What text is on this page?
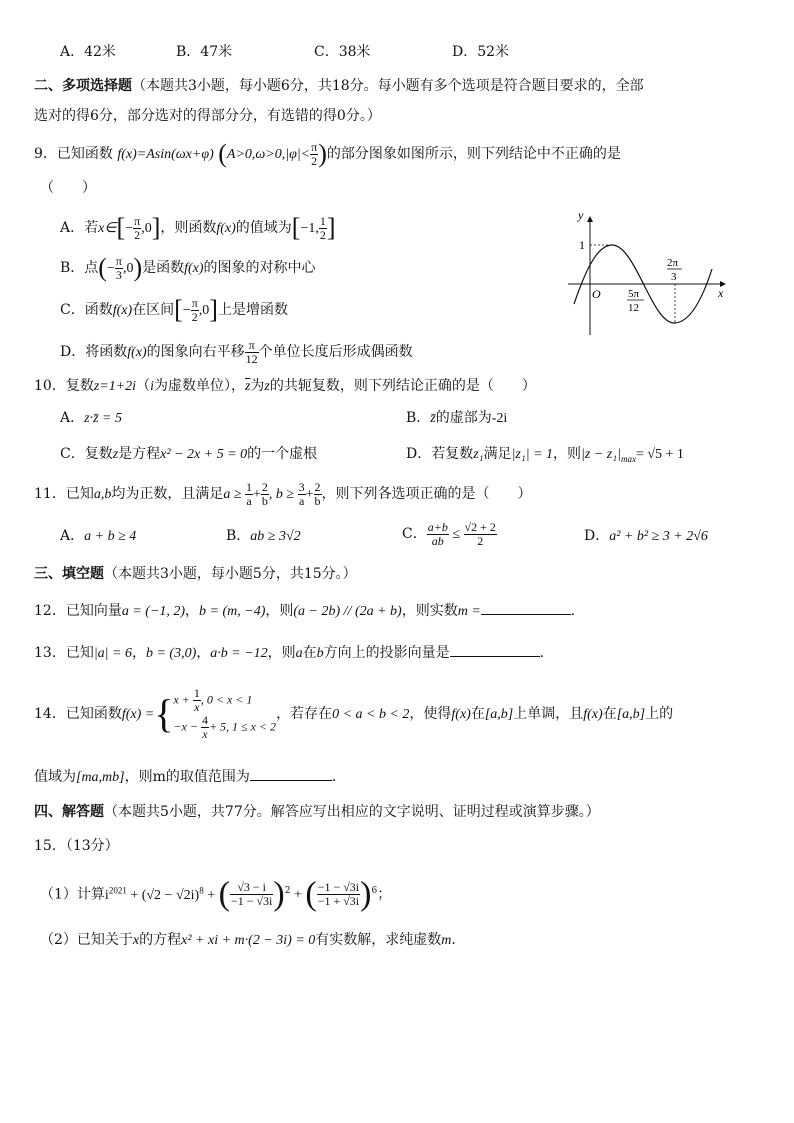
A．42米	B．47米	C．38米	D．52米
二、多项选择题（本题共3小题，每小题6分，共18分。每小题有多个选项是符合题目要求的，全部
选对的得6分，部分选对的得部分分，有选错的得0分。）
9．已知函数 f(x)=Asin(ωx+φ) ($A>0,\omega>0,|\varphi|< \frac{\pi}{2}$ )的部分图象如图所示，则下列结论中不正确的是
（　　）
A．若x∈[− $\frac{\pi}{2} ,0$]，则函数f(x)的值域为[−1, $\frac{1}{2}$ ]
B．点(− $\frac{\pi}{3} ,0$)是函数f(x)的图象的对称中心
C．函数f(x)在区间[− $\frac{\pi}{2} ,0$]上是增函数
D．将函数f(x)的图象向右平移 $\frac{\pi}{12}$ 个单位长度后形成偶函数
y
x
O
1
5π
12
2π
3
10．复数z=1+2i（i为虚数单位），$\overline{z}$为z的共轭复数，则下列结论正确的是（　　）
A．z·z̄ = 5	B．z̄的虚部为-2i
C．复数z是方程x² − 2x + 5 = 0的一个虚根	D．若复数z₁满足|z₁| = 1，则$|z - z_1|_{max}= √5 + 1$
11．已知a,b均为正数，且满足$a \ge \frac{1}{a} + \frac{2}{b}$ , $b \ge \frac{3}{a} + \frac{2}{b}$ ，则下列各选项正确的是（　　）
A．a + b ≥ 4	B．ab ≥ 3√2	C． $\frac{a+b}{ab} \le \frac{√2 + 2}{2}$	D．a² + b² ≥ 3 + 2√6
三、填空题（本题共3小题，每小题5分，共15分。）
12．已知向量a = (−1, 2)，b = (m, −4)，则(a − 2b) // (2a + b)，则实数m =	.
13．已知|a| = 6，b = (3,0)，a·b = −12，则a在b方向上的投影向量是	.
14．已知函数f(x) ={ $x + \frac{1}{x}$ , 0 < x < 1
$-x - \frac{4}{x} + 5$, 1 ≤ x < 2
，若存在0 < a < b < 2，使得f(x)在[a,b]上单调，且f(x)在[a,b]上的
值域为[ma,mb]，则m的取值范围为	.
四、解答题（本题共5小题，共77分。解答应写出相应的文字说明、证明过程或演算步骤。）
15．（13分）
（1）计算$i^{2021} + (√2 - √2i)^8$ + ( $\frac{√3 - i}{-1 - √3i} )^2$ + ( $\frac{-1 - √3i}{-1 + √3i} )^6$；
（2）已知关于x的方程x² + xi + m·(2 − 3i) = 0有实数解，求纯虚数m.
